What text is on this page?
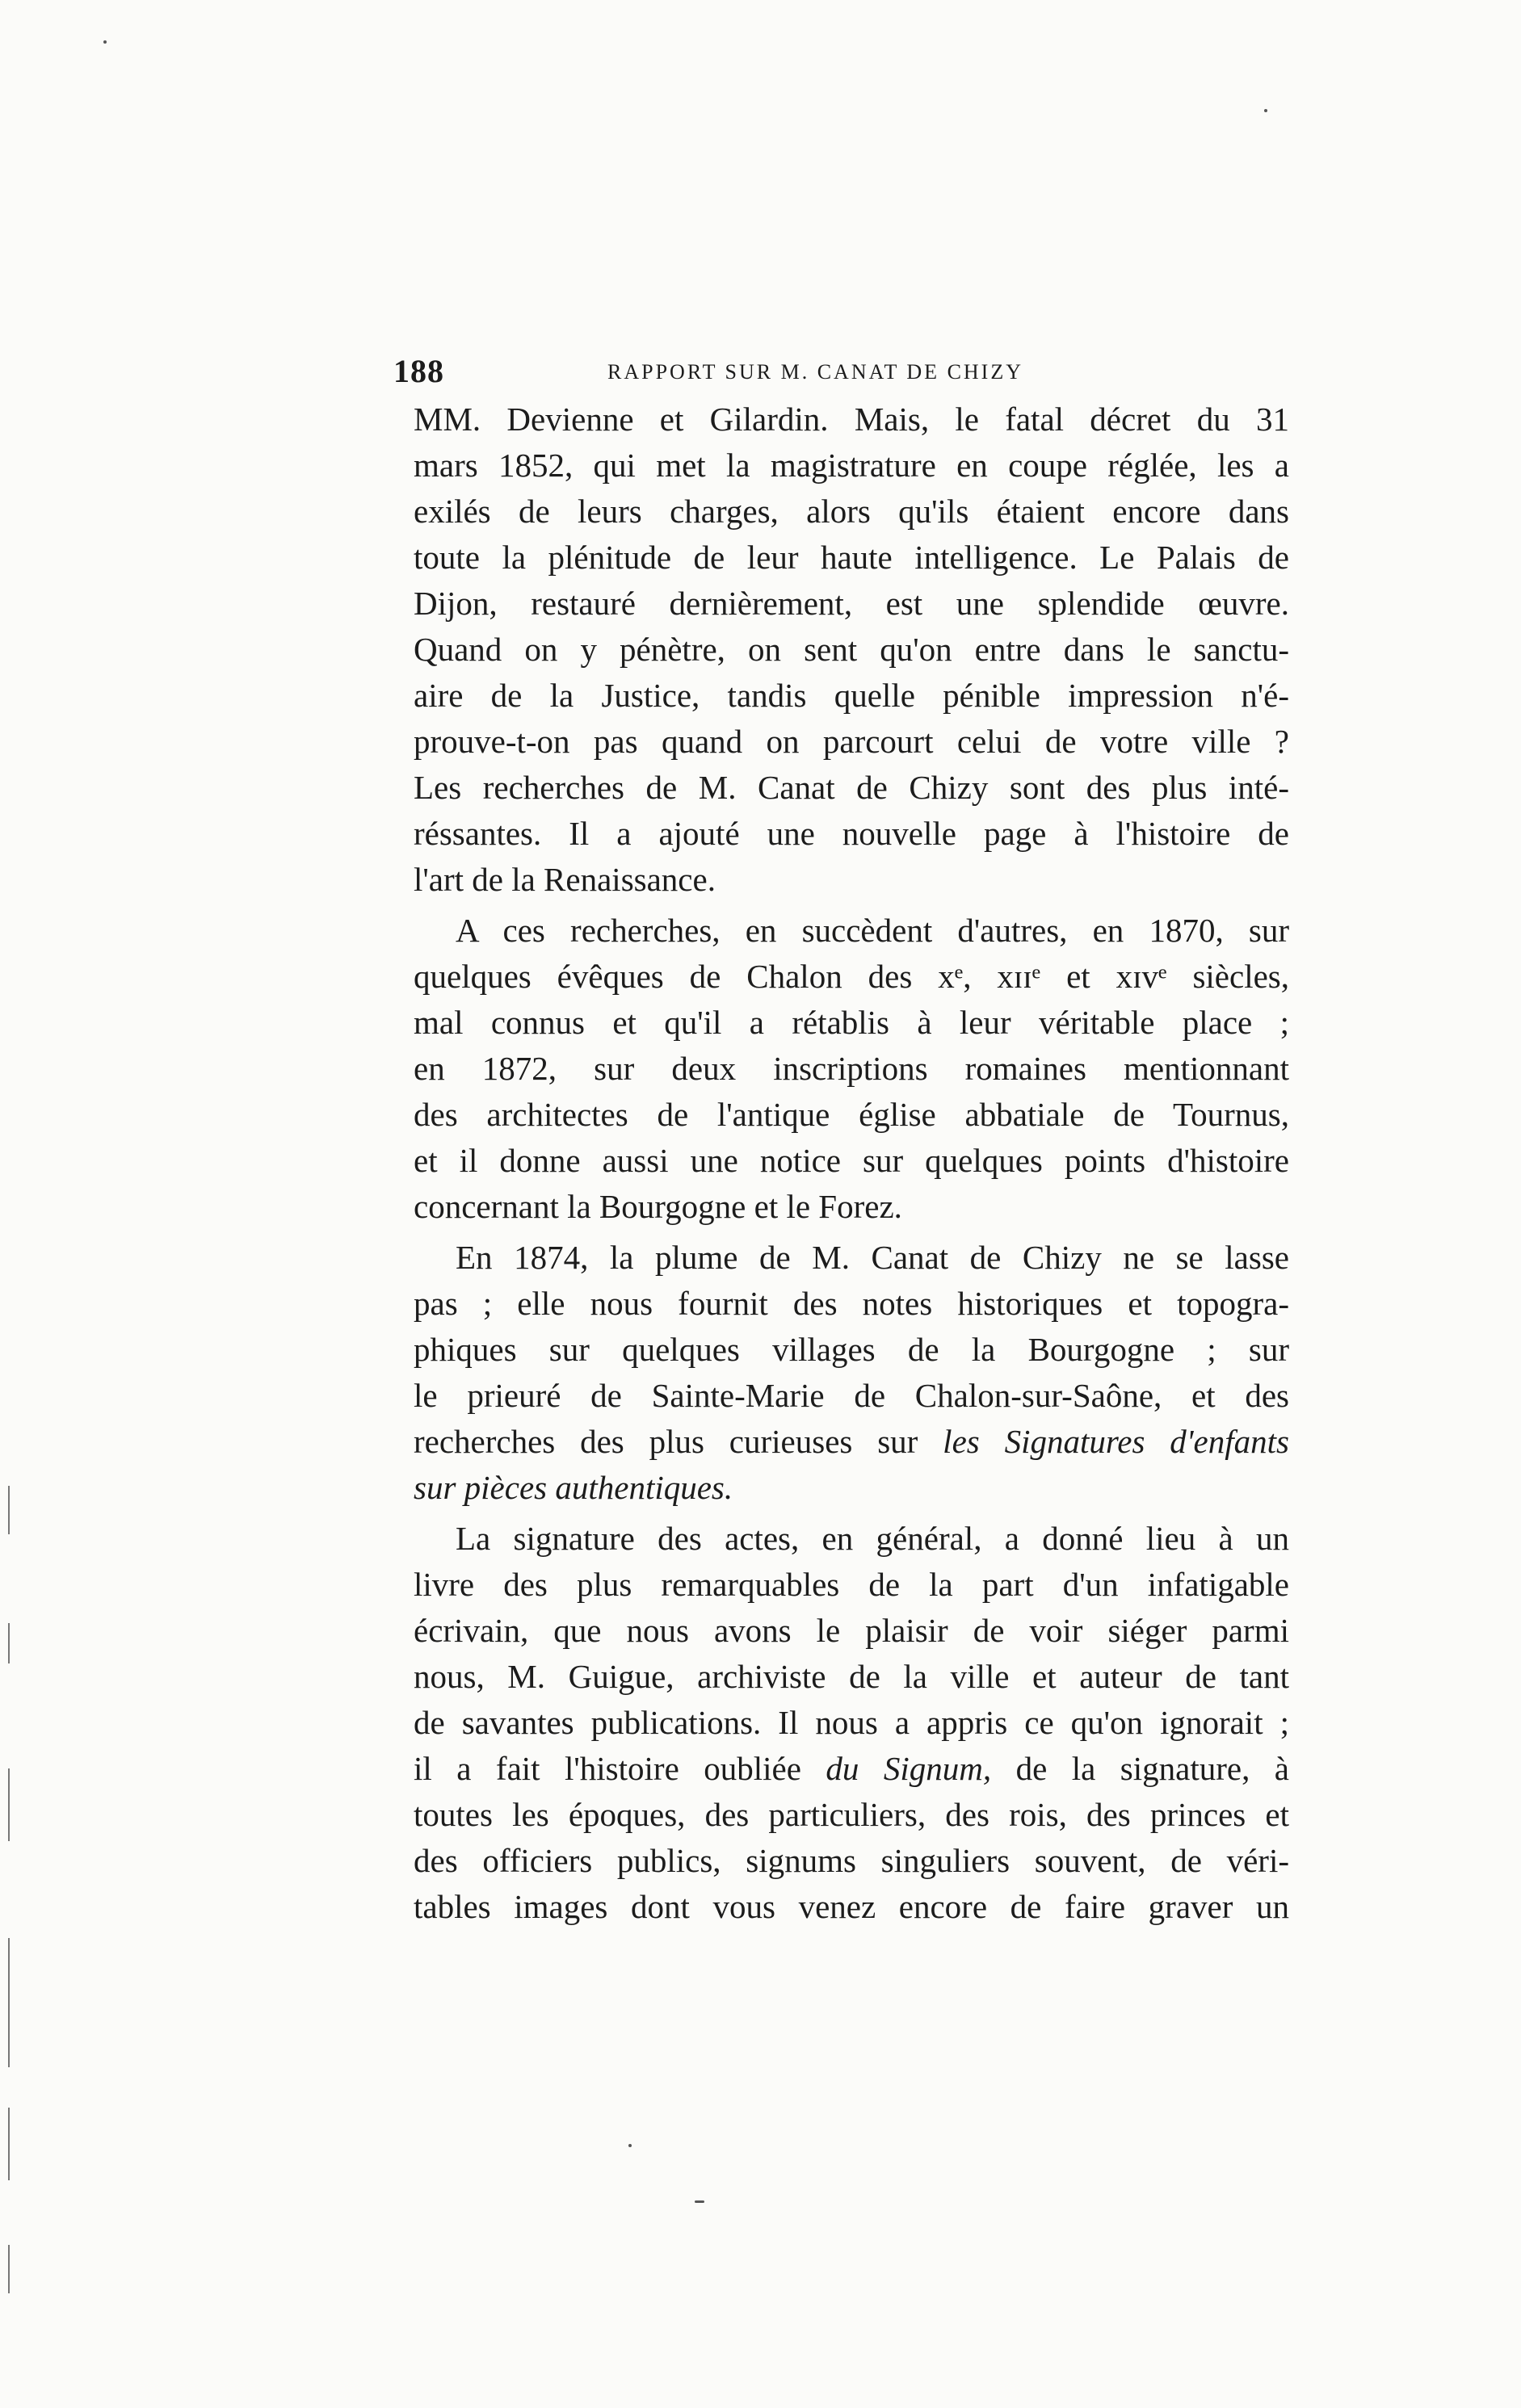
188	RAPPORT SUR M. CANAT DE CHIZY
MM. Devienne et Gilardin. Mais, le fatal décret du 31
mars 1852, qui met la magistrature en coupe réglée, les a
exilés de leurs charges, alors qu'ils étaient encore dans
toute la plénitude de leur haute intelligence. Le Palais de
Dijon, restauré dernièrement, est une splendide œuvre.
Quand on y pénètre, on sent qu'on entre dans le sanctu-
aire de la Justice, tandis quelle pénible impression n'é-
prouve-t-on pas quand on parcourt celui de votre ville ?
Les recherches de M. Canat de Chizy sont des plus inté-
réssantes. Il a ajouté une nouvelle page à l'histoire de
l'art de la Renaissance.
A ces recherches, en succèdent d'autres, en 1870, sur
quelques évêques de Chalon des xᵉ, xɪɪᵉ et xɪvᵉ siècles,
mal connus et qu'il a rétablis à leur véritable place ;
en 1872, sur deux inscriptions romaines mentionnant
des architectes de l'antique église abbatiale de Tournus,
et il donne aussi une notice sur quelques points d'histoire
concernant la Bourgogne et le Forez.
En 1874, la plume de M. Canat de Chizy ne se lasse
pas ; elle nous fournit des notes historiques et topogra-
phiques sur quelques villages de la Bourgogne ; sur
le prieuré de Sainte-Marie de Chalon-sur-Saône, et des
recherches des plus curieuses sur les Signatures d'enfants
sur pièces authentiques.
La signature des actes, en général, a donné lieu à un
livre des plus remarquables de la part d'un infatigable
écrivain, que nous avons le plaisir de voir siéger parmi
nous, M. Guigue, archiviste de la ville et auteur de tant
de savantes publications. Il nous a appris ce qu'on ignorait ;
il a fait l'histoire oubliée du Signum, de la signature, à
toutes les époques, des particuliers, des rois, des princes et
des officiers publics, signums singuliers souvent, de véri-
tables images dont vous venez encore de faire graver un
